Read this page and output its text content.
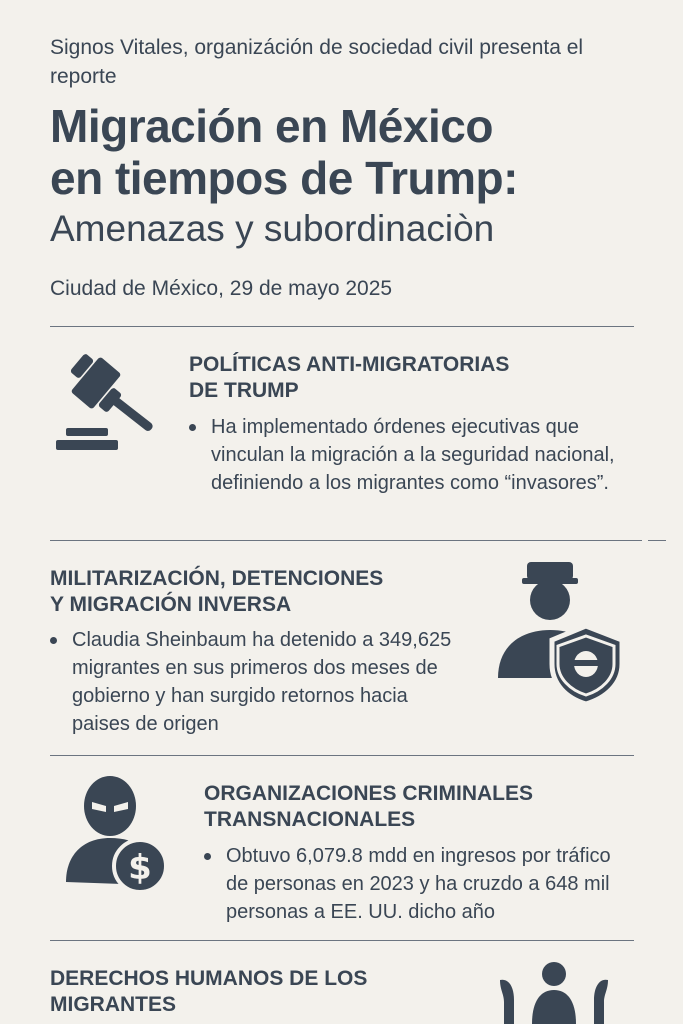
Signos Vitales, organizáción de sociedad civil presenta el reporte
Migración en México
en tiempos de Trump:
Amenazas y subordinaciòn
Ciudad de México, 29 de mayo 2025
POLÍTICAS ANTI-MIGRATORIAS
DE TRUMP
Ha implementado órdenes ejecutivas que vinculan la migración a la seguridad nacional, definiendo a los migrantes como “invasores”.
MILITARIZACIÓN, DETENCIONES
Y MIGRACIÓN INVERSA
Claudia Sheinbaum ha detenido a 349,625 migrantes en sus primeros dos meses de gobierno y han surgido retornos hacia paises de origen
$
ORGANIZACIONES CRIMINALES
TRANSNACIONALES
Obtuvo 6,079.8 mdd en ingresos por tráfico de personas en 2023 y ha cruzdo a 648 mil personas a EE. UU. dicho año
DERECHOS HUMANOS DE LOS
MIGRANTES
